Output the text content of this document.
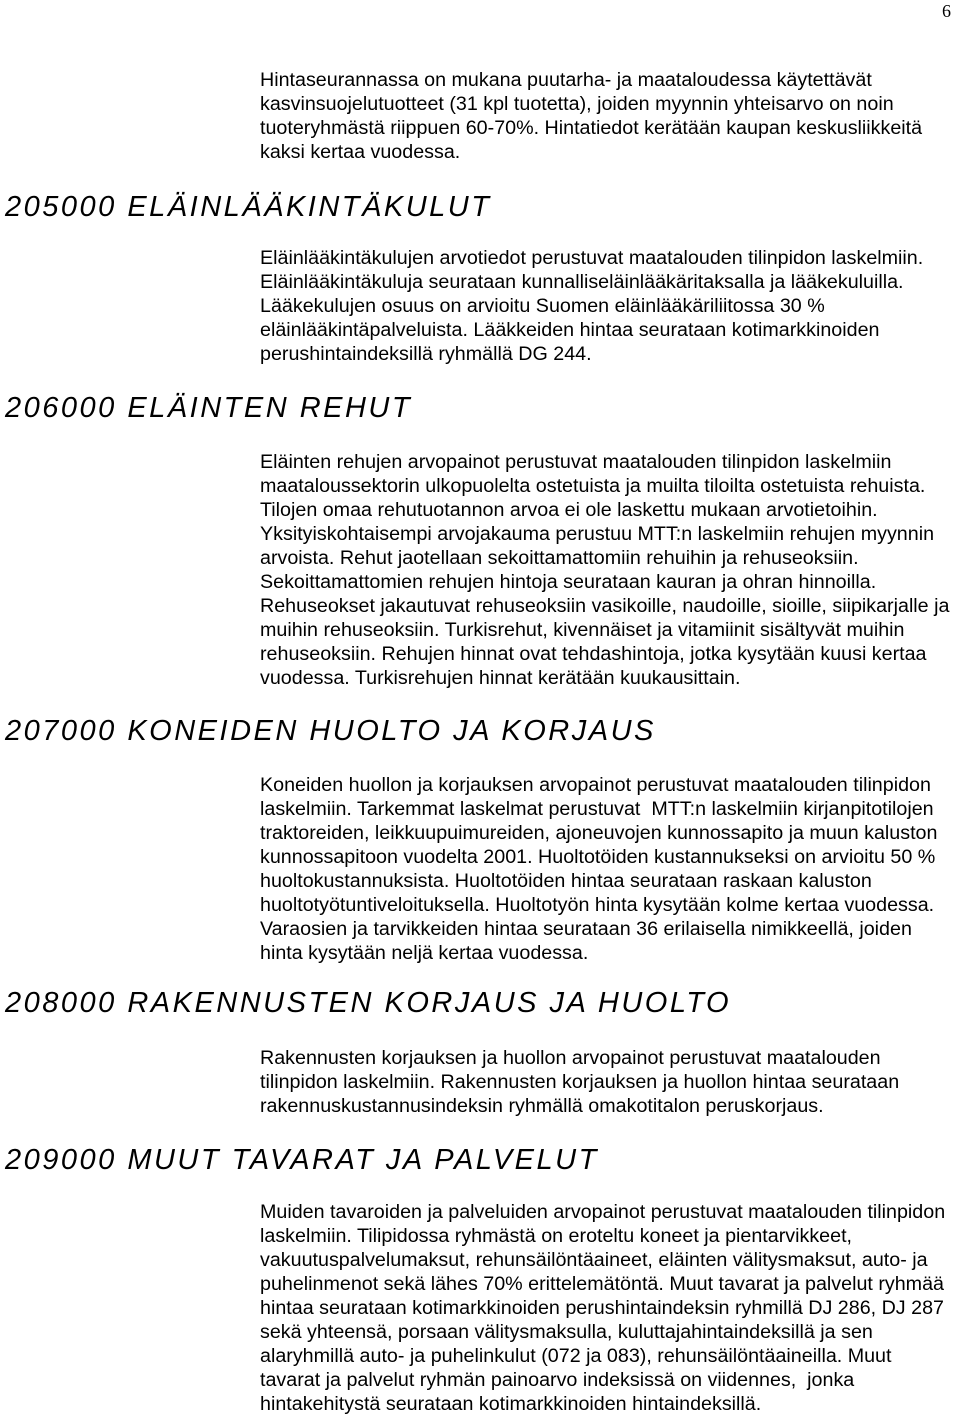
6
Hintaseurannassa on mukana puutarha- ja maataloudessa käytettävät
kasvinsuojelutuotteet (31 kpl tuotetta), joiden myynnin yhteisarvo on noin
tuoteryhmästä riippuen 60-70%. Hintatiedot kerätään kaupan keskusliikkeitä
kaksi kertaa vuodessa.
205000 ELÄINLÄÄKINTÄKULUT
Eläinlääkintäkulujen arvotiedot perustuvat maatalouden tilinpidon laskelmiin.
Eläinlääkintäkuluja seurataan kunnalliseläinlääkäritaksalla ja lääkekuluilla.
Lääkekulujen osuus on arvioitu Suomen eläinlääkäriliitossa 30 %
eläinlääkintäpalveluista. Lääkkeiden hintaa seurataan kotimarkkinoiden
perushintaindeksillä ryhmällä DG 244.
206000 ELÄINTEN REHUT
Eläinten rehujen arvopainot perustuvat maatalouden tilinpidon laskelmiin
maataloussektorin ulkopuolelta ostetuista ja muilta tiloilta ostetuista rehuista.
Tilojen omaa rehutuotannon arvoa ei ole laskettu mukaan arvotietoihin.
Yksityiskohtaisempi arvojakauma perustuu MTT:n laskelmiin rehujen myynnin
arvoista. Rehut jaotellaan sekoittamattomiin rehuihin ja rehuseoksiin.
Sekoittamattomien rehujen hintoja seurataan kauran ja ohran hinnoilla.
Rehuseokset jakautuvat rehuseoksiin vasikoille, naudoille, sioille, siipikarjalle ja
muihin rehuseoksiin. Turkisrehut, kivennäiset ja vitamiinit sisältyvät muihin
rehuseoksiin. Rehujen hinnat ovat tehdashintoja, jotka kysytään kuusi kertaa
vuodessa. Turkisrehujen hinnat kerätään kuukausittain.
207000 KONEIDEN HUOLTO JA KORJAUS
Koneiden huollon ja korjauksen arvopainot perustuvat maatalouden tilinpidon
laskelmiin. Tarkemmat laskelmat perustuvat  MTT:n laskelmiin kirjanpitotilojen
traktoreiden, leikkuupuimureiden, ajoneuvojen kunnossapito ja muun kaluston
kunnossapitoon vuodelta 2001. Huoltotöiden kustannukseksi on arvioitu 50 %
huoltokustannuksista. Huoltotöiden hintaa seurataan raskaan kaluston
huoltotyötuntiveloituksella. Huoltotyön hinta kysytään kolme kertaa vuodessa.
Varaosien ja tarvikkeiden hintaa seurataan 36 erilaisella nimikkeellä, joiden
hinta kysytään neljä kertaa vuodessa.
208000 RAKENNUSTEN KORJAUS JA HUOLTO
Rakennusten korjauksen ja huollon arvopainot perustuvat maatalouden
tilinpidon laskelmiin. Rakennusten korjauksen ja huollon hintaa seurataan
rakennuskustannusindeksin ryhmällä omakotitalon peruskorjaus.
209000 MUUT TAVARAT JA PALVELUT
Muiden tavaroiden ja palveluiden arvopainot perustuvat maatalouden tilinpidon
laskelmiin. Tilipidossa ryhmästä on eroteltu koneet ja pientarvikkeet,
vakuutuspalvelumaksut, rehunsäilöntäaineet, eläinten välitysmaksut, auto- ja
puhelinmenot sekä lähes 70% erittelemätöntä. Muut tavarat ja palvelut ryhmää
hintaa seurataan kotimarkkinoiden perushintaindeksin ryhmillä DJ 286, DJ 287
sekä yhteensä, porsaan välitysmaksulla, kuluttajahintaindeksillä ja sen
alaryhmillä auto- ja puhelinkulut (072 ja 083), rehunsäilöntäaineilla. Muut
tavarat ja palvelut ryhmän painoarvo indeksissä on viidennes,  jonka
hintakehitystä seurataan kotimarkkinoiden hintaindeksillä.
